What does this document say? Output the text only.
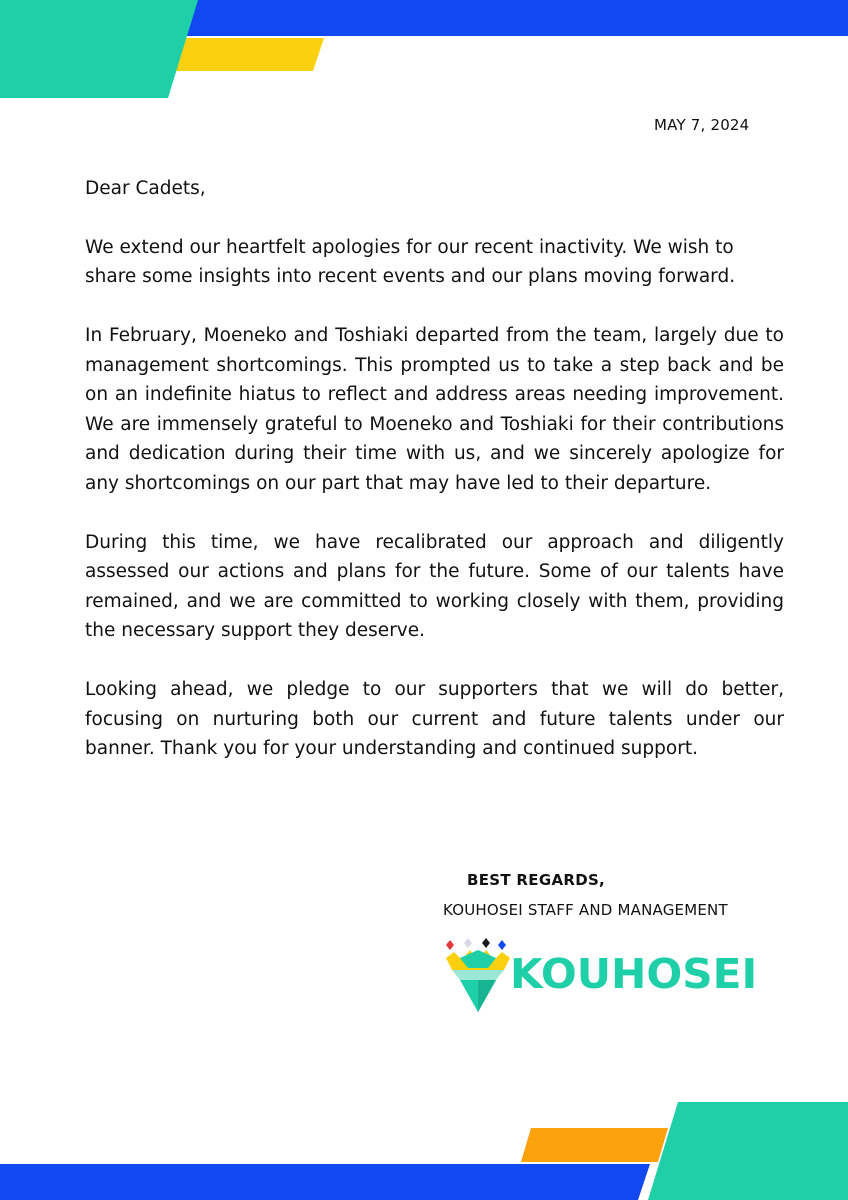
MAY 7, 2024

Dear Cadets,

We extend our heartfelt apologies for our recent inactivity. We wish to share some insights into recent events and our plans moving forward.

In February, Moeneko and Toshiaki departed from the team, largely due to management shortcomings. This prompted us to take a step back and be on an indefinite hiatus to reflect and address areas needing improvement. We are immensely grateful to Moeneko and Toshiaki for their contributions and dedication during their time with us, and we sincerely apologize for any shortcomings on our part that may have led to their departure.

During this time, we have recalibrated our approach and diligently assessed our actions and plans for the future. Some of our talents have remained, and we are committed to working closely with them, providing the necessary support they deserve.

Looking ahead, we pledge to our supporters that we will do better, focusing on nurturing both our current and future talents under our banner. Thank you for your understanding and continued support.

BEST REGARDS,
KOUHOSEI STAFF AND MANAGEMENT
KOUHOSEI
